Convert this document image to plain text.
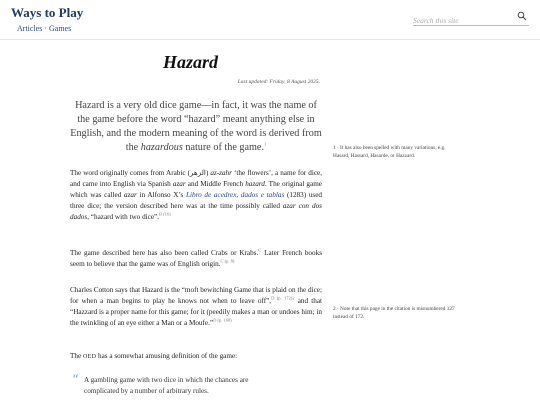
Ways to Play
Articles · Games
Search this site
Hazard
Last updated: Friday, 8 August 2025.

Hazard is a very old dice game—in fact, it was the name of the game before the word “hazard” meant anything else in English, and the modern meaning of the word is derived from the hazardous nature of the game.$^1$

The word originally comes from Arabic (الزهر) az-zahr ‘the flowers’, a name for dice, and came into English via Spanish azar and Middle French hazard. The original game which was called azar in Alfonso X’s Libro de acedrex, dados e tablas (1283) used three dice; the version described here was at the time possibly called azar con dos dados, “hazard with two dice”.$^{B (16)}$

The game described here has also been called Crabs or Krabs.$^C$ Later French books seem to believe that the game was of English origin.$^{C (p. 8)}$

Charles Cotton says that Hazard is the “moft bewitching Game that is plaid on the dice; for when a man begins to play he knows not when to leave off”,$^{D (p. 172)2}$ and that “Hazzard is a proper name for this game; for it (peedily makes a man or undoes him; in the twinkling of an eye either a Man or a Moufe.”$^{D (p. 168)}$

The OED has a somewhat amusing definition of the game:

“ A gambling game with two dice in which the chances are complicated by a number of arbitrary rules.
1 · It has also been spelled with many variations, e.g. Hasard, Hassard, Hasarde, or Hazzard.
2 · Note that this page in the citation is misnumbered 127 instead of 172.
